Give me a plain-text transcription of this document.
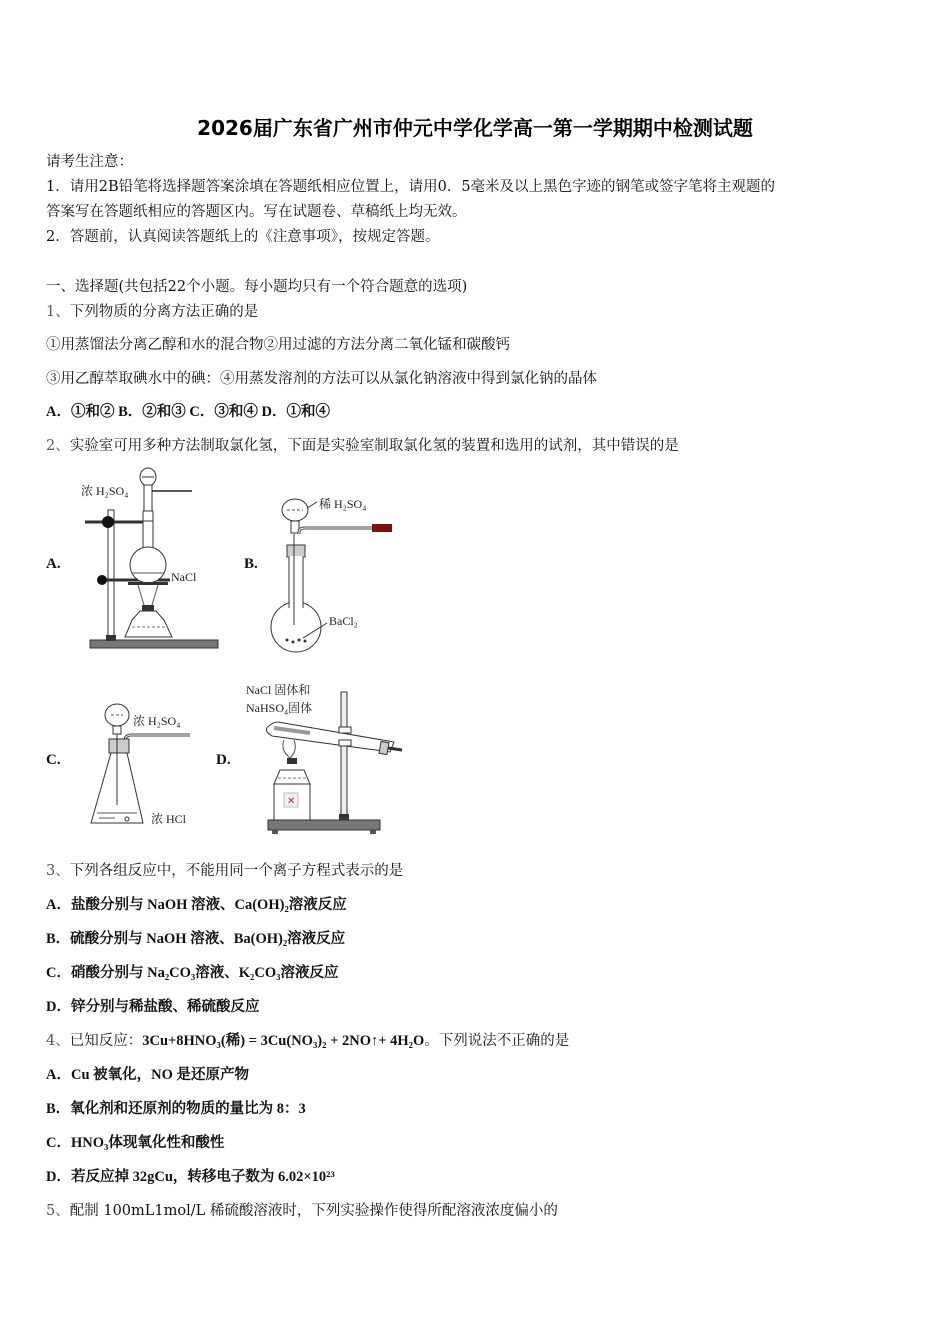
2026届广东省广州市仲元中学化学高一第一学期期中检测试题
请考生注意：
1．请用2B铅笔将选择题答案涂填在答题纸相应位置上，请用0．5毫米及以上黑色字迹的钢笔或签字笔将主观题的
答案写在答题纸相应的答题区内。写在试题卷、草稿纸上均无效。
2．答题前，认真阅读答题纸上的《注意事项》，按规定答题。
一、选择题(共包括22个小题。每小题均只有一个符合题意的选项)
1、下列物质的分离方法正确的是
①用蒸馏法分离乙醇和水的混合物②用过滤的方法分离二氧化锰和碳酸钙
③用乙醇萃取碘水中的碘：④用蒸发溶剂的方法可以从氯化钠溶液中得到氯化钠的晶体
A．①和② B．②和③ C．③和④ D．①和④
2、实验室可用多种方法制取氯化氢，下面是实验室制取氯化氢的装置和选用的试剂，其中错误的是
A.
NaCl
浓 H₂SO₄
B.
稀 H₂SO₄
BaCl₂
C.
浓 H₂SO₄
浓 HCl
D.
NaCl 固体和
NaHSO₄固体
✕
3、下列各组反应中，不能用同一个离子方程式表示的是
A．盐酸分别与 NaOH 溶液、Ca(OH)₂溶液反应
B．硫酸分别与 NaOH 溶液、Ba(OH)₂溶液反应
C．硝酸分别与 Na₂CO₃溶液、K₂CO₃溶液反应
D．锌分别与稀盐酸、稀硫酸反应
4、已知反应：3Cu+8HNO₃(稀) = 3Cu(NO₃)₂ + 2NO↑+ 4H₂O。下列说法不正确的是
A．Cu 被氧化，NO 是还原产物
B．氧化剂和还原剂的物质的量比为 8：3
C．HNO₃体现氧化性和酸性
D．若反应掉 32gCu，转移电子数为 6.02×10²³
5、配制 100mL1mol/L 稀硫酸溶液时，下列实验操作使得所配溶液浓度偏小的
